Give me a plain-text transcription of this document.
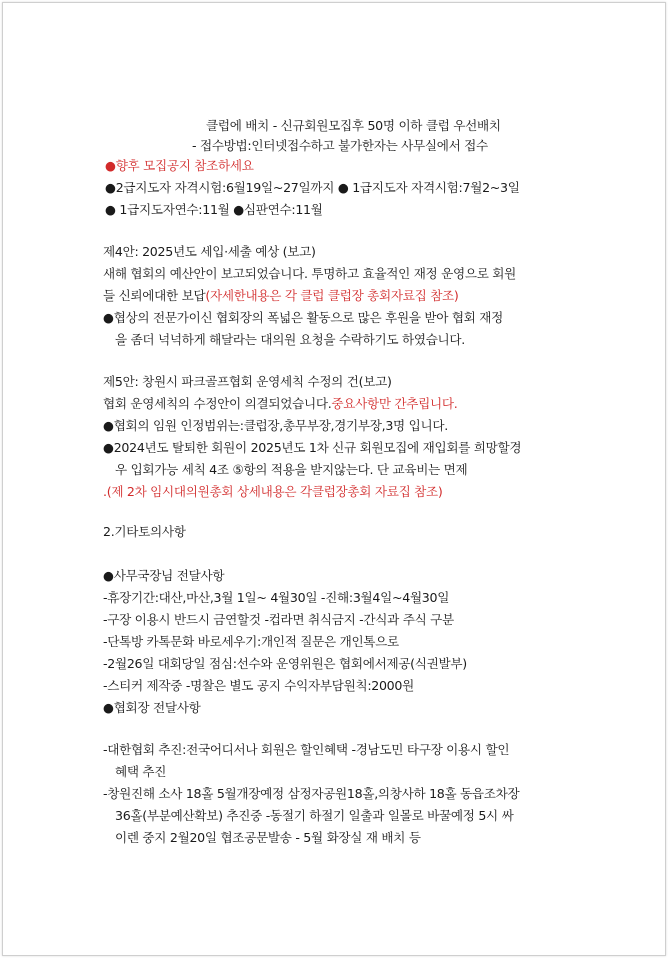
클럽에 배치 - 신규회원모집후 50명 이하 클럽 우선배치
- 접수방법:인터넷접수하고 불가한자는 사무실에서 접수
●향후 모집공지 참조하세요
●2급지도자 자격시험:6월19일~27일까지 ● 1급지도자 자격시험:7월2~3일
● 1급지도자연수:11월 ●심판연수:11월
제4안: 2025년도 세입·세출 예상 (보고)
새해 협회의 예산안이 보고되었습니다. 투명하고 효율적인 재정 운영으로 회원
들 신뢰에대한 보답(자세한내용은 각 클럽 클럽장 총회자료집 참조)
●협상의 전문가이신 협회장의 폭넓은 활동으로 많은 후원을 받아 협회 재정
을 좀더 넉넉하게 해달라는 대의원 요청을 수락하기도 하였습니다.
제5안: 창원시 파크골프협회 운영세칙 수정의 건(보고)
협회 운영세칙의 수정안이 의결되었습니다.중요사항만 간추립니다.
●협회의 임원 인정범위는:클럽장,총무부장,경기부장,3명 입니다.
●2024년도 탈퇴한 회원이 2025년도 1차 신규 회원모집에 재입회를 희망할경
우 입회가능 세칙 4조 ⑤항의 적용을 받지않는다. 단 교육비는 면제
.(제 2차 임시대의원총회 상세내용은 각클럽장총회 자료집 참조)
2.기타토의사항
●사무국장님 전달사항
-휴장기간:대산,마산,3월 1일~ 4월30일 -진해:3월4일~4월30일
-구장 이용시 반드시 금연할것 -컵라면 취식금지 -간식과 주식 구분
-단톡방 카톡문화 바로세우기:개인적 질문은 개인톡으로
-2월26일 대회당일 점심:선수와 운영위원은 협회에서제공(식권발부)
-스티커 제작중 -명찰은 별도 공지 수익자부담원칙:2000원
●협회장 전달사항
-대한협회 추진:전국어디서나 회원은 할인혜택 -경남도민 타구장 이용시 할인
혜택 추진
-창원진해 소사 18홀 5월개장예정 삼정자공원18홀,의창사하 18홀 동읍조차장
36홀(부분예산확보) 추진중 -동절기 하절기 일출과 일몰로 바꿀예정 5시 싸
이렌 중지 2월20일 협조공문발송 - 5월 화장실 재 배치 등
